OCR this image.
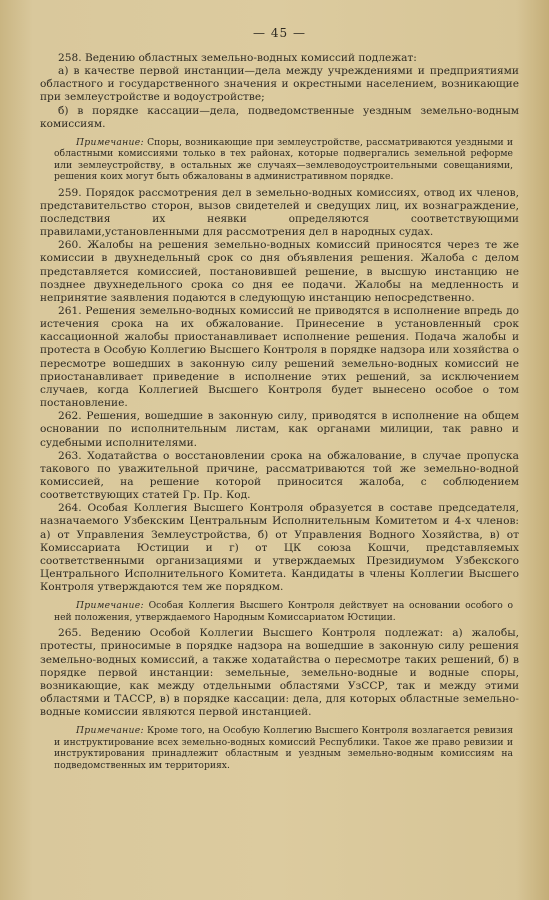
— 45 —

258. Ведению областных земельно-водных комиссий подлежат:

а) в качестве первой инстанции—дела между учреждениями и предприятиями областного и государственного значения и окрестными населением, возникающие при землеустройстве и водоустройстве;

б) в порядке кассации—дела, подведомственные уездным земельно-водным комиссиям.

Примечание: Споры, возникающие при землеустройстве, рассматриваются уездными и областными комиссиями только в тех районах, которые подвергались земельной реформе или землеустройству, в остальных же случаях—землеводоустроительными совещаниями, решения коих могут быть обжалованы в административном порядке.

259. Порядок рассмотрения дел в земельно-водных комиссиях, отвод их членов, представительство сторон, вызов свидетелей и сведущих лиц, их вознаграждение, последствия их неявки определяются соответствующими правилами,установленными для рассмотрения дел в народных судах.

260. Жалобы на решения земельно-водных комиссий приносятся через те же комиссии в двухнедельный срок со дня объявления решения. Жалоба с делом представляется комиссией, постановившей решение, в высшую инстанцию не позднее двухнедельного срока со дня ее подачи. Жалобы на медленность и непринятие заявления подаются в следующую инстанцию непосредственно.

261. Решения земельно-водных комиссий не приводятся в исполнение впредь до истечения срока на их обжалование. Принесение в установленный срок кассационной жалобы приостанавливает исполнение решения. Подача жалобы и протеста в Особую Коллегию Высшего Контроля в порядке надзора или хозяйства о пересмотре вошедших в законную силу решений земельно-водных комиссий не приостанавливает приведение в исполнение этих решений, за исключением случаев, когда Коллегией Высшего Контроля будет вынесено особое о том постановление.

262. Решения, вошедшие в законную силу, приводятся в исполнение на общем основании по исполнительным листам, как органами милиции, так равно и судебными исполнителями.

263. Ходатайства о восстановлении срока на обжалование, в случае пропуска такового по уважительной причине, рассматриваются той же земельно-водной комиссией, на решение которой приносится жалоба, с соблюдением соответствующих статей Гр. Пр. Код.

264. Особая Коллегия Высшего Контроля образуется в составе председателя, назначаемого Узбекским Центральным Исполнительным Комитетом и 4-х членов: а) от Управления Землеустройства, б) от Управления Водного Хозяйства, в) от Комиссариата Юстиции и г) от ЦК союза Кошчи, представляемых соответственными организациями и утверждаемых Президиумом Узбекского Центрального Исполнительного Комитета. Кандидаты в члены Коллегии Высшего Контроля утверждаются тем же порядком.

Примечание: Особая Коллегия Высшего Контроля действует на основании особого о ней положения, утверждаемого Народным Комиссариатом Юстиции.

265. Ведению Особой Коллегии Высшего Контроля подлежат: а) жалобы, протесты, приносимые в порядке надзора на вошедшие в законную силу решения земельно-водных комиссий, а также ходатайства о пересмотре таких решений, б) в порядке первой инстанции: земельные, земельно-водные и водные споры, возникающие, как между отдельными областями УзССР, так и между этими областями и ТАССР, в) в порядке кассации: дела, для которых областные земельно-водные комиссии являются первой инстанцией.

Примечание: Кроме того, на Особую Коллегию Высшего Контроля возлагается ревизия и инструктирование всех земельно-водных комиссий Республики. Такое же право ревизии и инструктирования принадлежит областным и уездным земельно-водным комиссиям на подведомственных им территориях.
